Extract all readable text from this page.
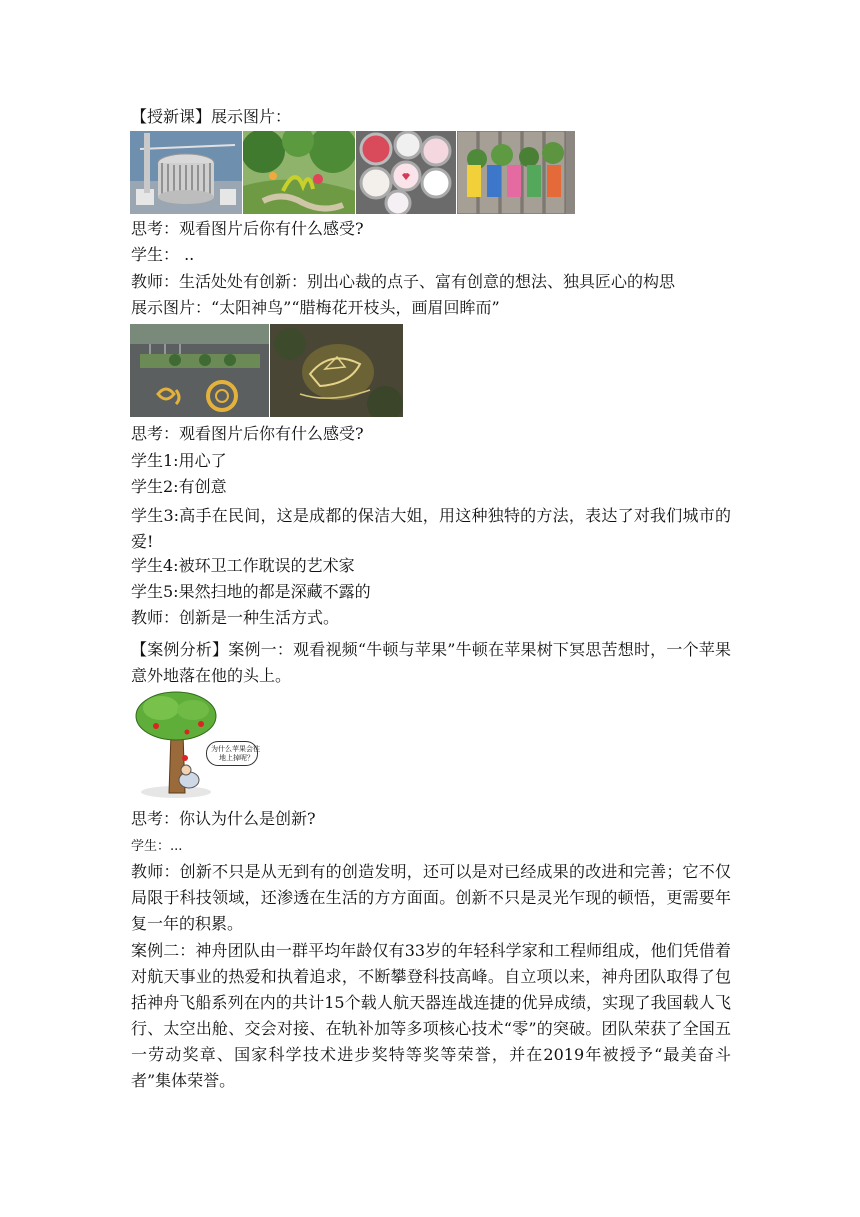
【授新课】展示图片：
思考：观看图片后你有什么感受?
学生： ..
教师：生活处处有创新：别出心裁的点子、富有创意的想法、独具匠心的构思
展示图片：“太阳神鸟”“腊梅花开枝头，画眉回眸而”
思考：观看图片后你有什么感受?
学生1:用心了
学生2:有创意
学生3:高手在民间，这是成都的保洁大姐，用这种独特的方法，表达了对我们城市的爱!
学生4:被环卫工作耽误的艺术家
学生5:果然扫地的都是深藏不露的
教师：创新是一种生活方式。
【案例分析】案例一：观看视频“牛顿与苹果”牛顿在苹果树下冥思苦想时，一个苹果意外地落在他的头上。
为什么苹果会往
地上掉呢？
思考：你认为什么是创新?
学生：...
教师：创新不只是从无到有的创造发明，还可以是对已经成果的改进和完善；它不仅局限于科技领域，还渗透在生活的方方面面。创新不只是灵光乍现的顿悟，更需要年复一年的积累。
案例二：神舟团队由一群平均年龄仅有33岁的年轻科学家和工程师组成，他们凭借着对航天事业的热爱和执着追求，不断攀登科技高峰。自立项以来，神舟团队取得了包括神舟飞船系列在内的共计15个载人航天器连战连捷的优异成绩，实现了我国载人飞行、太空出舱、交会对接、在轨补加等多项核心技术“零”的突破。团队荣获了全国五一劳动奖章、国家科学技术进步奖特等奖等荣誉，并在2019年被授予“最美奋斗者”集体荣誉。
